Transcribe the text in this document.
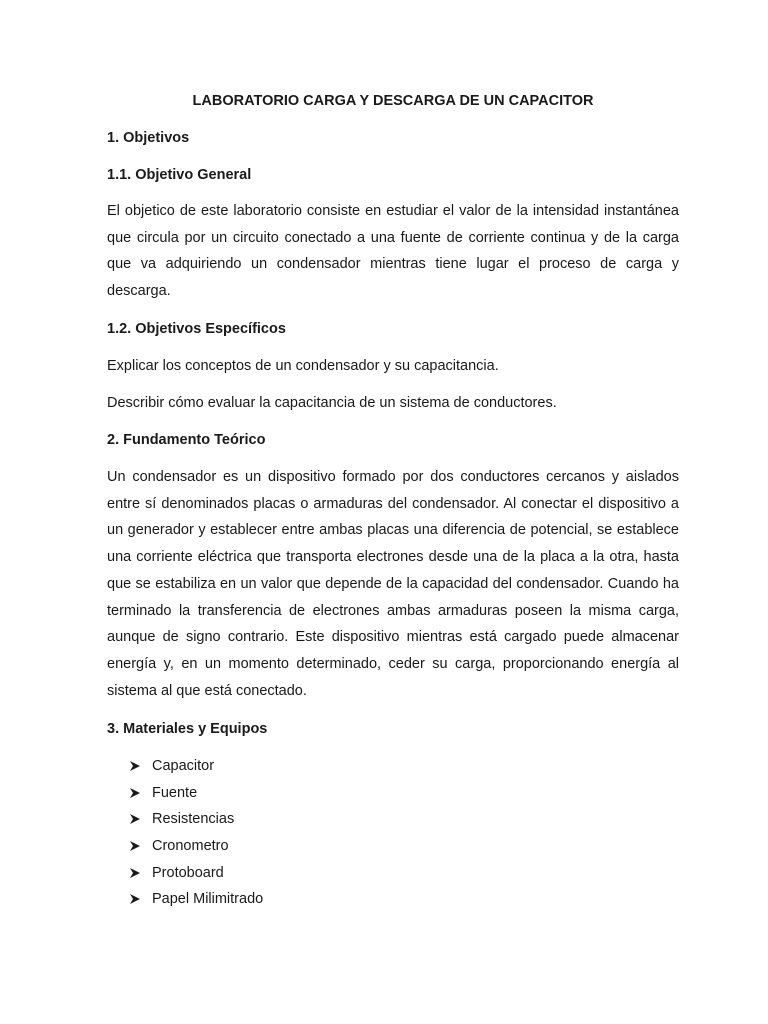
LABORATORIO CARGA Y DESCARGA DE UN CAPACITOR
1. Objetivos
1.1. Objetivo General

El objetico de este laboratorio consiste en estudiar el valor de la intensidad instantánea que circula por un circuito conectado a una fuente de corriente continua y de la carga que va adquiriendo un condensador mientras tiene lugar el proceso de carga y descarga.

1.2. Objetivos Específicos

Explicar los conceptos de un condensador y su capacitancia.

Describir cómo evaluar la capacitancia de un sistema de conductores.

2. Fundamento Teórico

Un condensador es un dispositivo formado por dos conductores cercanos y aislados entre sí denominados placas o armaduras del condensador. Al conectar el dispositivo a un generador y establecer entre ambas placas una diferencia de potencial, se establece una corriente eléctrica que transporta electrones desde una de la placa a la otra, hasta que se estabiliza en un valor que depende de la capacidad del condensador. Cuando ha terminado la transferencia de electrones ambas armaduras poseen la misma carga, aunque de signo contrario. Este dispositivo mientras está cargado puede almacenar energía y, en un momento determinado, ceder su carga, proporcionando energía al sistema al que está conectado.

3. Materiales y Equipos
Capacitor
Fuente
Resistencias
Cronometro
Protoboard
Papel Milimitrado
